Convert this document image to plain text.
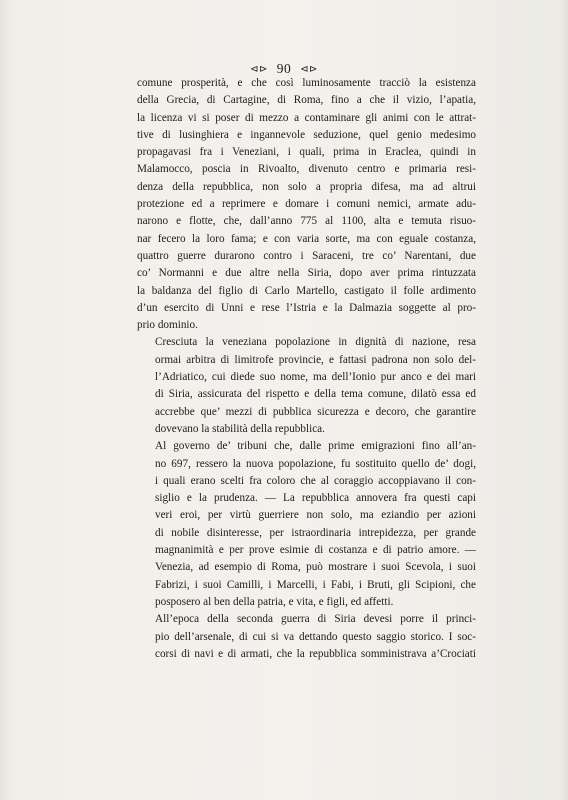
⊲⊳ 90 ⊲⊳
comune prosperità, e che così luminosamente tracciò la esistenza
della Grecia, di Cartagine, di Roma, fino a che il vizio, l’apatia,
la licenza vi si poser di mezzo a contaminare gli animi con le attrat-
tive di lusinghiera e ingannevole seduzione, quel genio medesimo
propagavasi fra i Veneziani, i quali, prima in Eraclea, quindi in
Malamocco, poscia in Rivoalto, divenuto centro e primaria resi-
denza della repubblica, non solo a propria difesa, ma ad altrui
protezione ed a reprimere e domare i comuni nemici, armate adu-
narono e flotte, che, dall’anno 775 al 1100, alta e temuta risuo-
nar fecero la loro fama; e con varia sorte, ma con eguale costanza,
quattro guerre durarono contro i Saraceni, tre co’ Narentani, due
co’ Normanni e due altre nella Siria, dopo aver prima rintuzzata
la baldanza del figlio di Carlo Martello, castigato il folle ardimento
d’un esercito di Unni e rese l’Istria e la Dalmazia soggette al pro-
prio dominio.
Cresciuta la veneziana popolazione in dignità di nazione, resa
ormai arbitra di limitrofe provincie, e fattasi padrona non solo del-
l’Adriatico, cui diede suo nome, ma dell’Ionio pur anco e dei mari
di Siria, assicurata del rispetto e della tema comune, dilatò essa ed
accrebbe que’ mezzi di pubblica sicurezza e decoro, che garantire
dovevano la stabilità della repubblica.
Al governo de’ tribuni che, dalle prime emigrazioni fino all’an-
no 697, ressero la nuova popolazione, fu sostituito quello de’ dogi,
i quali erano scelti fra coloro che al coraggio accoppiavano il con-
siglio e la prudenza. — La repubblica annovera fra questi capi
veri eroi, per virtù guerriere non solo, ma eziandio per azioni
di nobile disinteresse, per istraordinaria intrepidezza, per grande
magnanimità e per prove esimie di costanza e di patrio amore. —
Venezia, ad esempio di Roma, può mostrare i suoi Scevola, i suoi
Fabrizi, i suoi Camilli, i Marcelli, i Fabi, i Bruti, gli Scipioni, che
posposero al ben della patria, e vita, e figli, ed affetti.
All’epoca della seconda guerra di Siria devesi porre il princi-
pio dell’arsenale, di cui si va dettando questo saggio storico. I soc-
corsi di navi e di armati, che la repubblica somministrava a’Crociati
